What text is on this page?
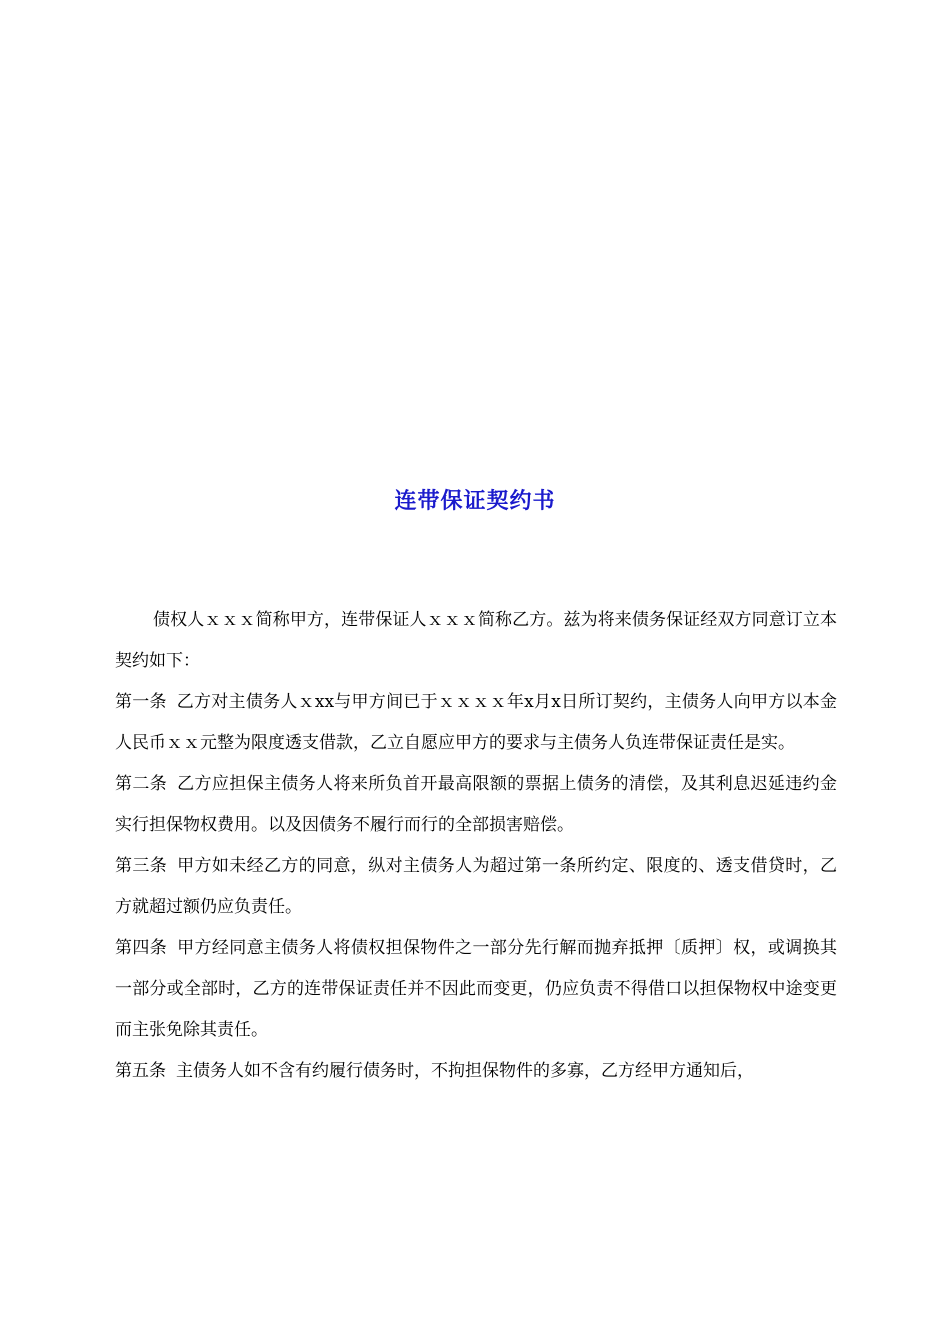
连带保证契约书

债权人ｘｘｘ简称甲方，连带保证人ｘｘｘ简称乙方。兹为将来债务保证经双方同意订立本契约如下：

第一条 乙方对主债务人ｘxx与甲方间已于ｘｘｘｘ年x月x日所订契约，主债务人向甲方以本金人民币ｘｘ元整为限度透支借款，乙立自愿应甲方的要求与主债务人负连带保证责任是实。

第二条 乙方应担保主债务人将来所负首开最高限额的票据上债务的清偿，及其利息迟延违约金实行担保物权费用。以及因债务不履行而行的全部损害赔偿。

第三条 甲方如未经乙方的同意，纵对主债务人为超过第一条所约定、限度的、透支借贷时，乙方就超过额仍应负责任。

第四条 甲方经同意主债务人将债权担保物件之一部分先行解而抛弃抵押〔质押〕权，或调换其一部分或全部时，乙方的连带保证责任并不因此而变更，仍应负责不得借口以担保物权中途变更而主张免除其责任。

第五条 主债务人如不含有约履行债务时，不拘担保物件的多寡，乙方经甲方通知后，
